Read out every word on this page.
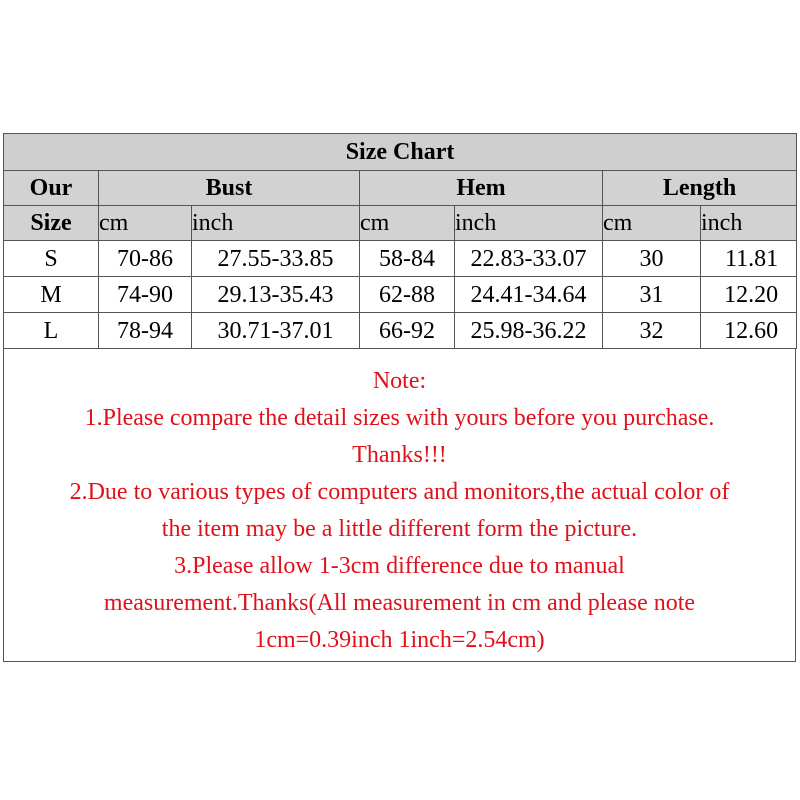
Size Chart						
Our	Bust		Hem		Length	
Size	cm	inch	cm	inch	cm	inch
S	70-86	27.55-33.85	58-84	22.83-33.07	30	11.81
M	74-90	29.13-35.43	62-88	24.41-34.64	31	12.20
L	78-94	30.71-37.01	66-92	25.98-36.22	32	12.60
Note:
1.Please compare the detail sizes with yours before you purchase.
Thanks!!!
2.Due to various types of computers and monitors,the actual color of
the item may be a little different form the picture.
3.Please allow 1-3cm difference due to manual
measurement.Thanks(All measurement in cm and please note
1cm=0.39inch 1inch=2.54cm)
